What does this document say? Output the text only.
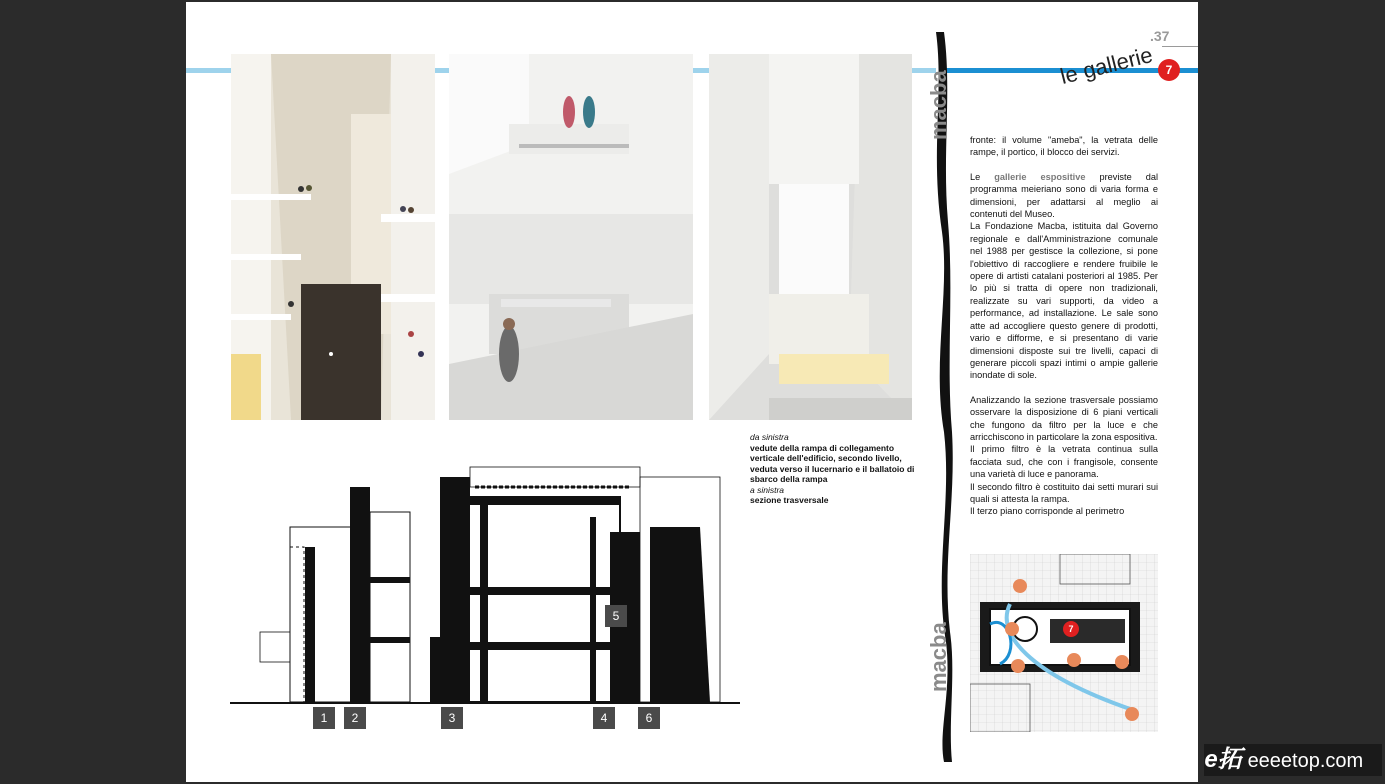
da sinistra
vedute della rampa di collegamento verticale dell'edificio, secondo livello, veduta verso il lucernario e il ballatoio di sbarco della rampa
a sinistra
sezione trasversale
1	2	3	4
5
6
macba
macba
.37
7
le gallerie

fronte: il volume "ameba", la vetrata delle rampe, il portico, il blocco dei servizi.

Le gallerie espositive previste dal programma meieriano sono di varia forma e dimensioni, per adattarsi al meglio ai contenuti del Museo.

La Fondazione Macba, istituita dal Governo regionale e dall'Amministrazione comunale nel 1988 per gestisce la collezione, si pone l'obiettivo di raccogliere e rendere fruibile le opere di artisti catalani posteriori al 1985. Per lo più si tratta di opere non tradizionali, realizzate su vari supporti, da video a performance, ad installazione. Le sale sono atte ad accogliere questo genere di prodotti, vario e difforme, e si presentano di varie dimensioni disposte sui tre livelli, capaci di generare piccoli spazi intimi o ampie gallerie inondate di sole.

Analizzando la sezione trasversale possiamo osservare la disposizione di 6 piani verticali che fungono da filtro per la luce e che arricchiscono in particolare la zona espositiva.

Il primo filtro è la vetrata continua sulla facciata sud, che con i frangisole, consente una varietà di luce e panorama.

Il secondo filtro è costituito dai setti murari sui quali si attesta la rampa.

Il terzo piano corrisponde al perimetro

7
e拓 eeeetop.com
